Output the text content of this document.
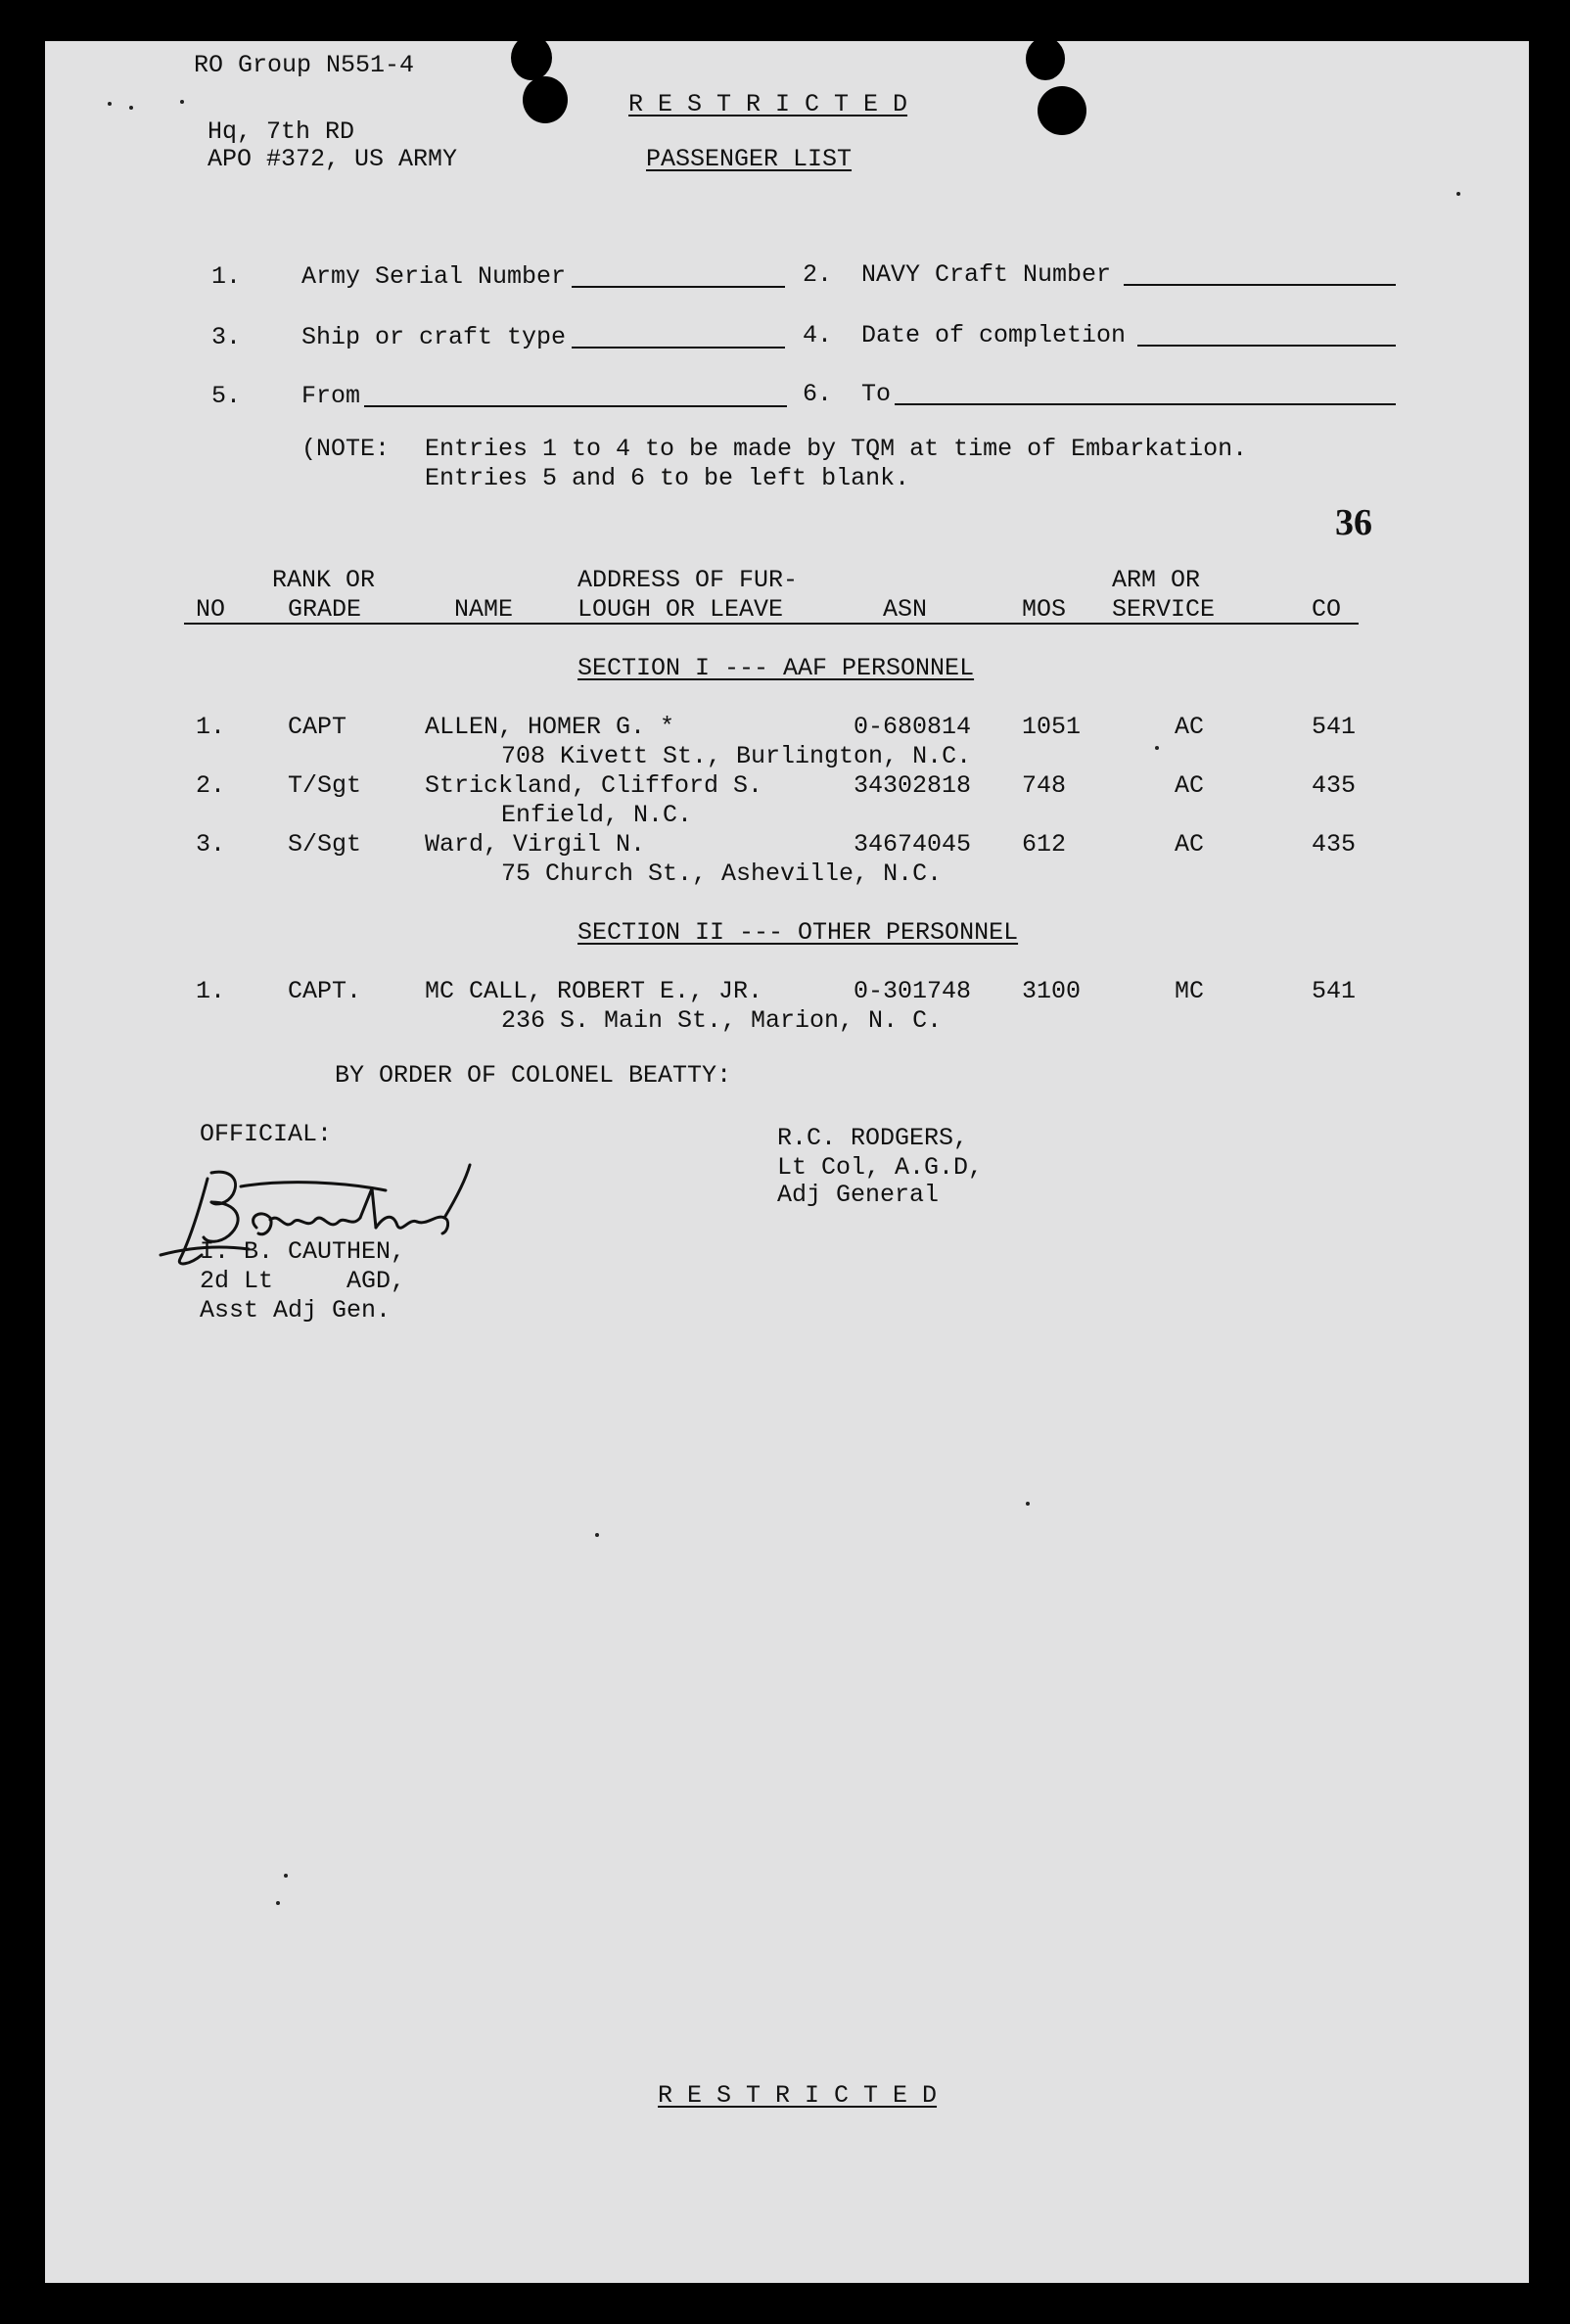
RO Group N551-4
Hq, 7th RD
APO #372, US ARMY
R E S T R I C T E D
PASSENGER LIST
1. Army Serial Number	2. NAVY Craft Number
3. Ship or craft type	4. Date of completion
5. From	6. To
(NOTE: Entries 1 to 4 to be made by TQM at time of Embarkation.
Entries 5 and 6 to be left blank.
36
RANK OR	ADDRESS OF FUR-	ARM OR
NO	GRADE	NAME	LOUGH OR LEAVE	ASN	MOS SERVICE	CO
SECTION I --- AAF PERSONNEL
1.	CAPT	ALLEN, HOMER G. *	0-680814 1051	AC	541
708 Kivett St., Burlington, N.C.
2.	T/Sgt	Strickland, Clifford S.	34302818 748	AC	435
Enfield, N.C.
3.	S/Sgt	Ward, Virgil N.	34674045 612	AC	435
75 Church St., Asheville, N.C.
SECTION II --- OTHER PERSONNEL
1.	CAPT.	MC CALL, ROBERT E., JR.	0-301748 3100	MC	541
236 S. Main St., Marion, N. C.
BY ORDER OF COLONEL BEATTY:
OFFICIAL:	R.C. RODGERS,
Lt Col, A.G.D,
Adj General
I. B. CAUTHEN,
2d Lt     AGD,
Asst Adj Gen.
R E S T R I C T E D
